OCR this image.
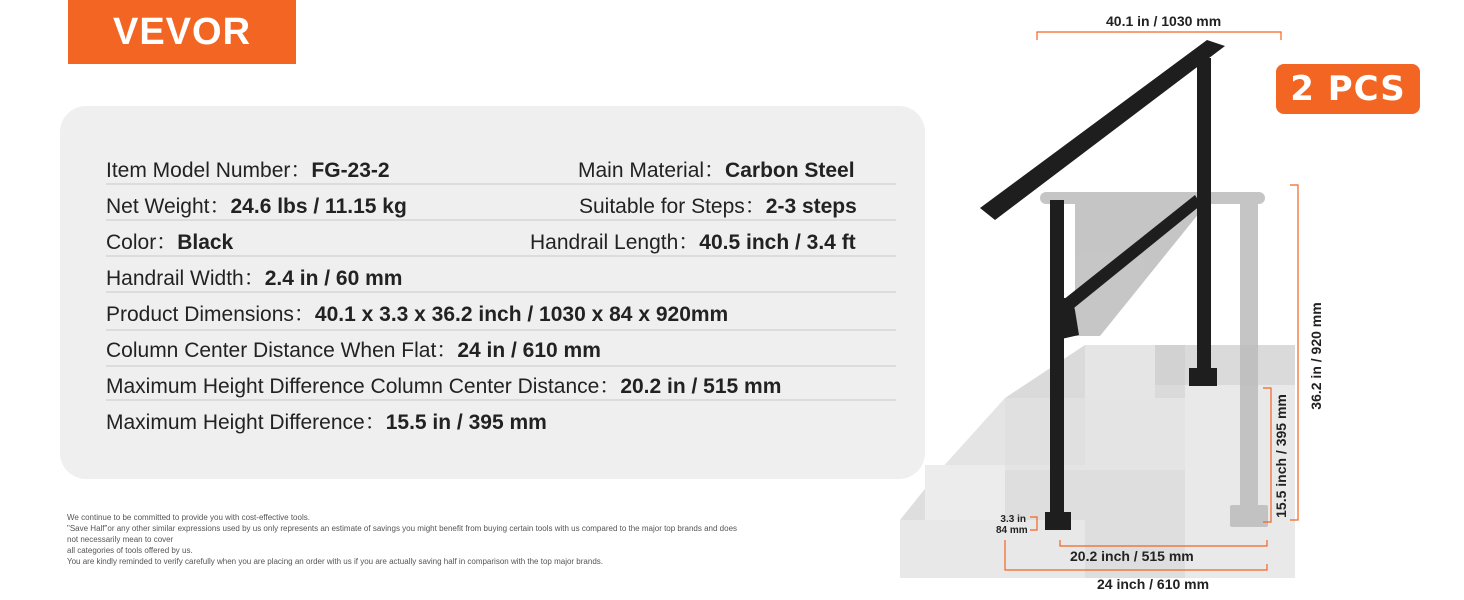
VEVOR
Item Model Number：FG-23-2	Main Material：Carbon Steel
Net Weight：24.6 lbs / 11.15 kg	Suitable for Steps：2-3 steps
Color：Black	Handrail Length：40.5 inch / 3.4 ft
Handrail Width：2.4 in / 60 mm
Product Dimensions：40.1 x 3.3 x 36.2 inch / 1030 x 84 x 920mm
Column Center Distance When Flat：24 in / 610 mm
Maximum Height Difference Column Center Distance：20.2 in / 515 mm
Maximum Height Difference：15.5 in / 395 mm
We continue to be committed to provide you with cost-effective tools.
"Save Half"or any other similar expressions used by us only represents an estimate of savings you might benefit from buying certain tools with us compared to the major top brands and does
not necessarily mean to cover
all categories of tools offered by us.
You are kindly reminded to verify carefully when you are placing an order with us if you are actually saving half in comparison with the top major brands.
2 PCS
40.1 in / 1030 mm
36.2 in / 920 mm
15.5 inch / 395 mm
3.3 in
84 mm
20.2 inch / 515 mm
24 inch / 610 mm
